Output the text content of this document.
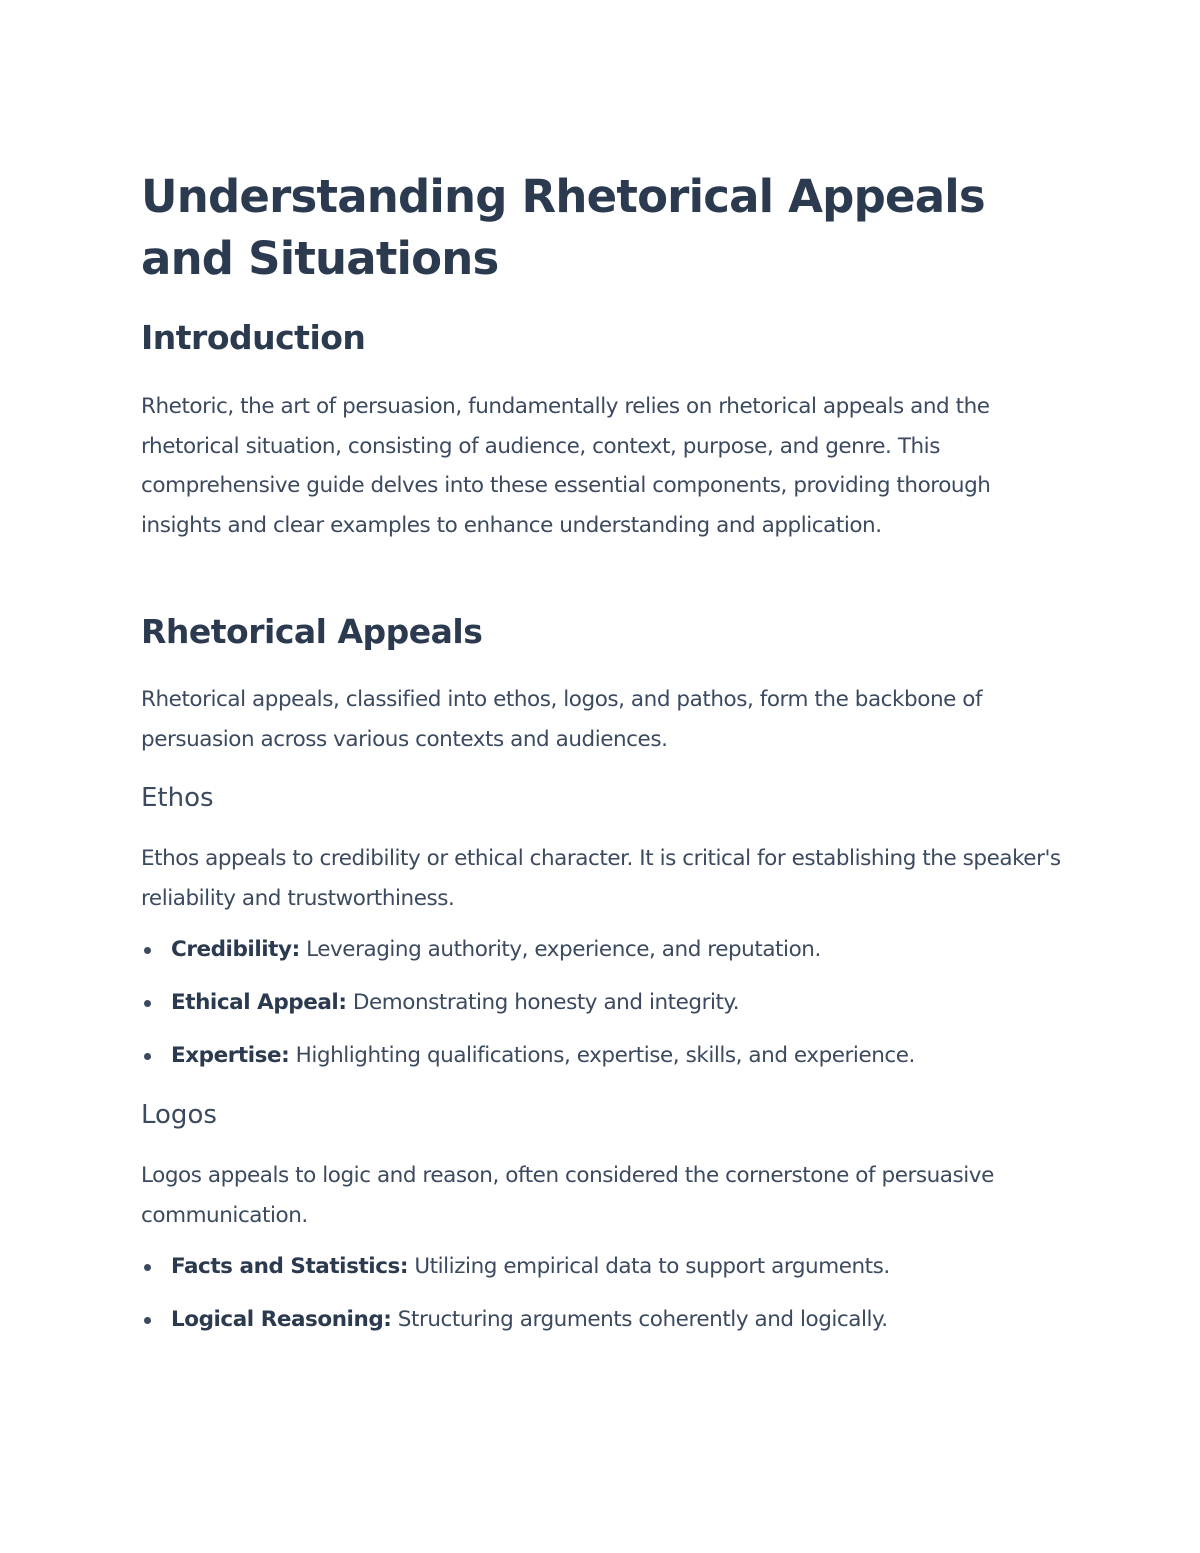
Understanding Rhetorical Appeals and Situations
Introduction

Rhetoric, the art of persuasion, fundamentally relies on rhetorical appeals and the rhetorical situation, consisting of audience, context, purpose, and genre. This comprehensive guide delves into these essential components, providing thorough insights and clear examples to enhance understanding and application.

Rhetorical Appeals

Rhetorical appeals, classified into ethos, logos, and pathos, form the backbone of persuasion across various contexts and audiences.

Ethos

Ethos appeals to credibility or ethical character. It is critical for establishing the speaker's reliability and trustworthiness.

Credibility: Leveraging authority, experience, and reputation.
Ethical Appeal: Demonstrating honesty and integrity.
Expertise: Highlighting qualifications, expertise, skills, and experience.
Logos

Logos appeals to logic and reason, often considered the cornerstone of persuasive communication.

Facts and Statistics: Utilizing empirical data to support arguments.
Logical Reasoning: Structuring arguments coherently and logically.
